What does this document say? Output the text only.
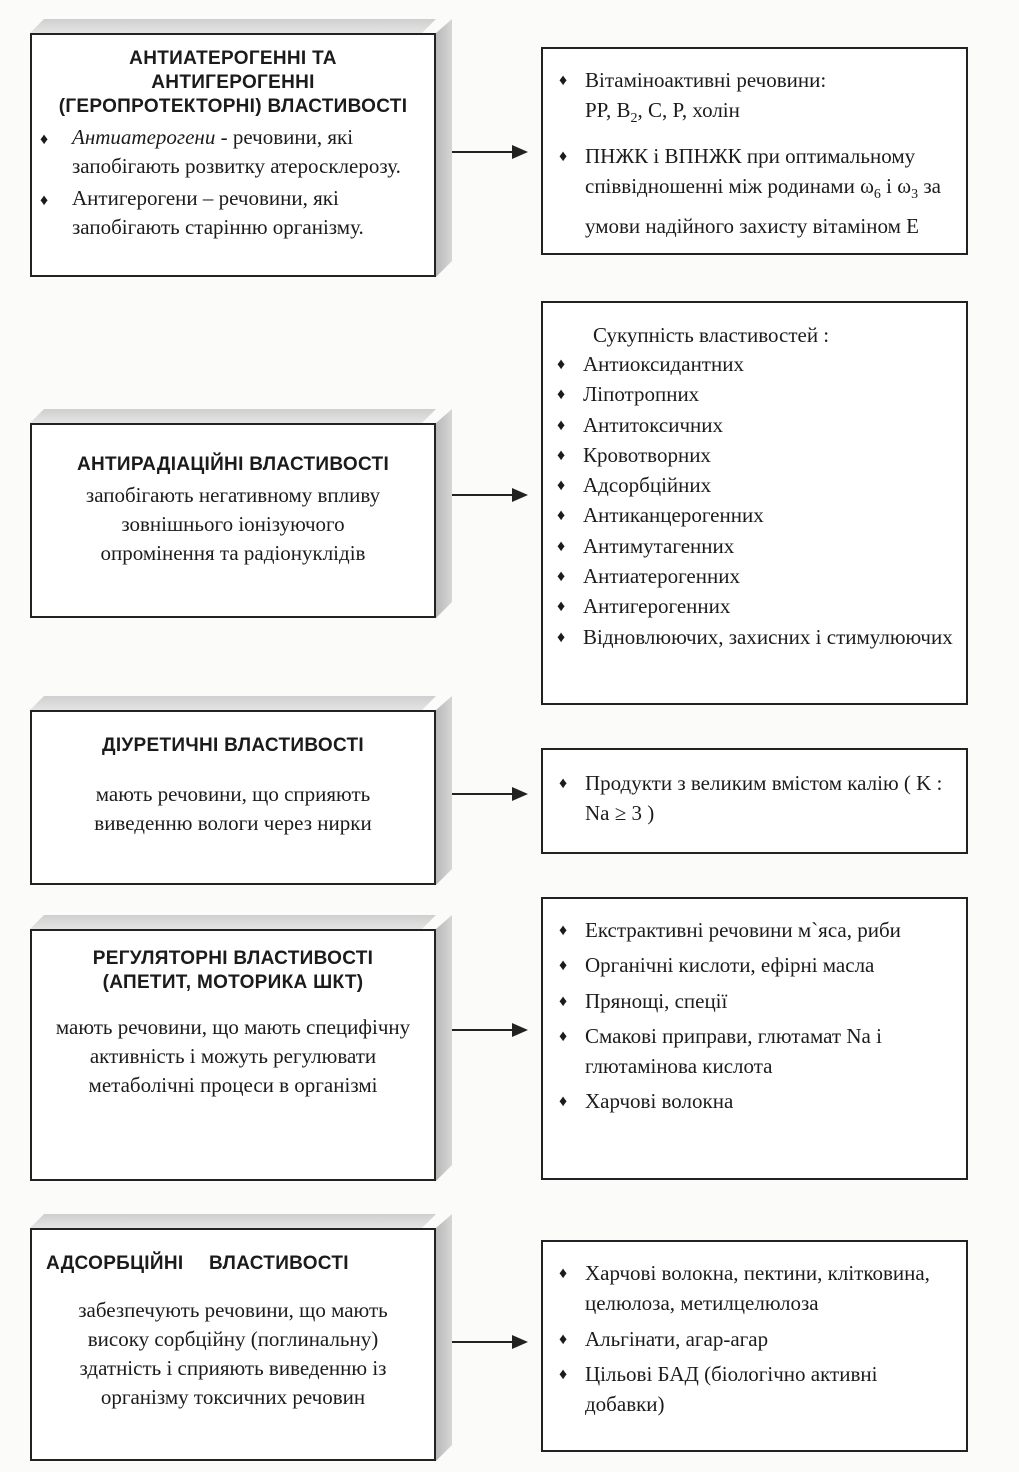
АНТИАТЕРОГЕННІ ТА
АНТИГЕРОГЕННІ
(ГЕРОПРОТЕКТОРНІ) ВЛАСТИВОСТІ
♦ Антиатерогени - речовини, які запобігають розвитку атеросклерозу.
♦ Антигерогени – речовини, які запобігають старінню організму.
♦ Вітаміноактивні речовини:
PP, $B_2$, C, P, холін
♦ ПНЖК і ВПНЖК при оптимальному співвідношенні між родинами $\omega_6$ і $\omega_3$ за умови надійного захисту вітаміном Е
АНТИРАДІАЦІЙНІ ВЛАСТИВОСТІ
запобігають негативному впливу зовнішнього іонізуючого опромінення та радіонуклідів
Сукупність властивостей :
♦ Антиоксидантних
♦ Ліпотропних
♦ Антитоксичних
♦ Кровотворних
♦ Адсорбційних
♦ Антиканцерогенних
♦ Антимутагенних
♦ Антиатерогенних
♦ Антигерогенних
♦ Відновлюючих, захисних і стимулюючих
ДІУРЕТИЧНІ ВЛАСТИВОСТІ
мають речовини, що сприяють виведенню вологи через нирки
♦ Продукти з великим вмістом калію ( K : Na ≥ 3 )
РЕГУЛЯТОРНІ ВЛАСТИВОСТІ
(АПЕТИТ, МОТОРИКА ШКТ)
мають речовини, що мають специфічну активність і можуть регулювати метаболічні процеси в організмі
♦ Екстрактивні речовини м`яса, риби
♦ Органічні кислоти, ефірні масла
♦ Прянощі, спеції
♦ Смакові приправи, глютамат Na і глютамінова кислота
♦ Харчові волокна
АДСОРБЦІЙНІ ВЛАСТИВОСТІ
забезпечують речовини, що мають високу сорбційну (поглинальну) здатність і сприяють виведенню із організму токсичних речовин
♦ Харчові волокна, пектини, клітковина, целюлоза, метилцелюлоза
♦ Альгінати, агар-агар
♦ Цільові БАД (біологічно активні добавки)
